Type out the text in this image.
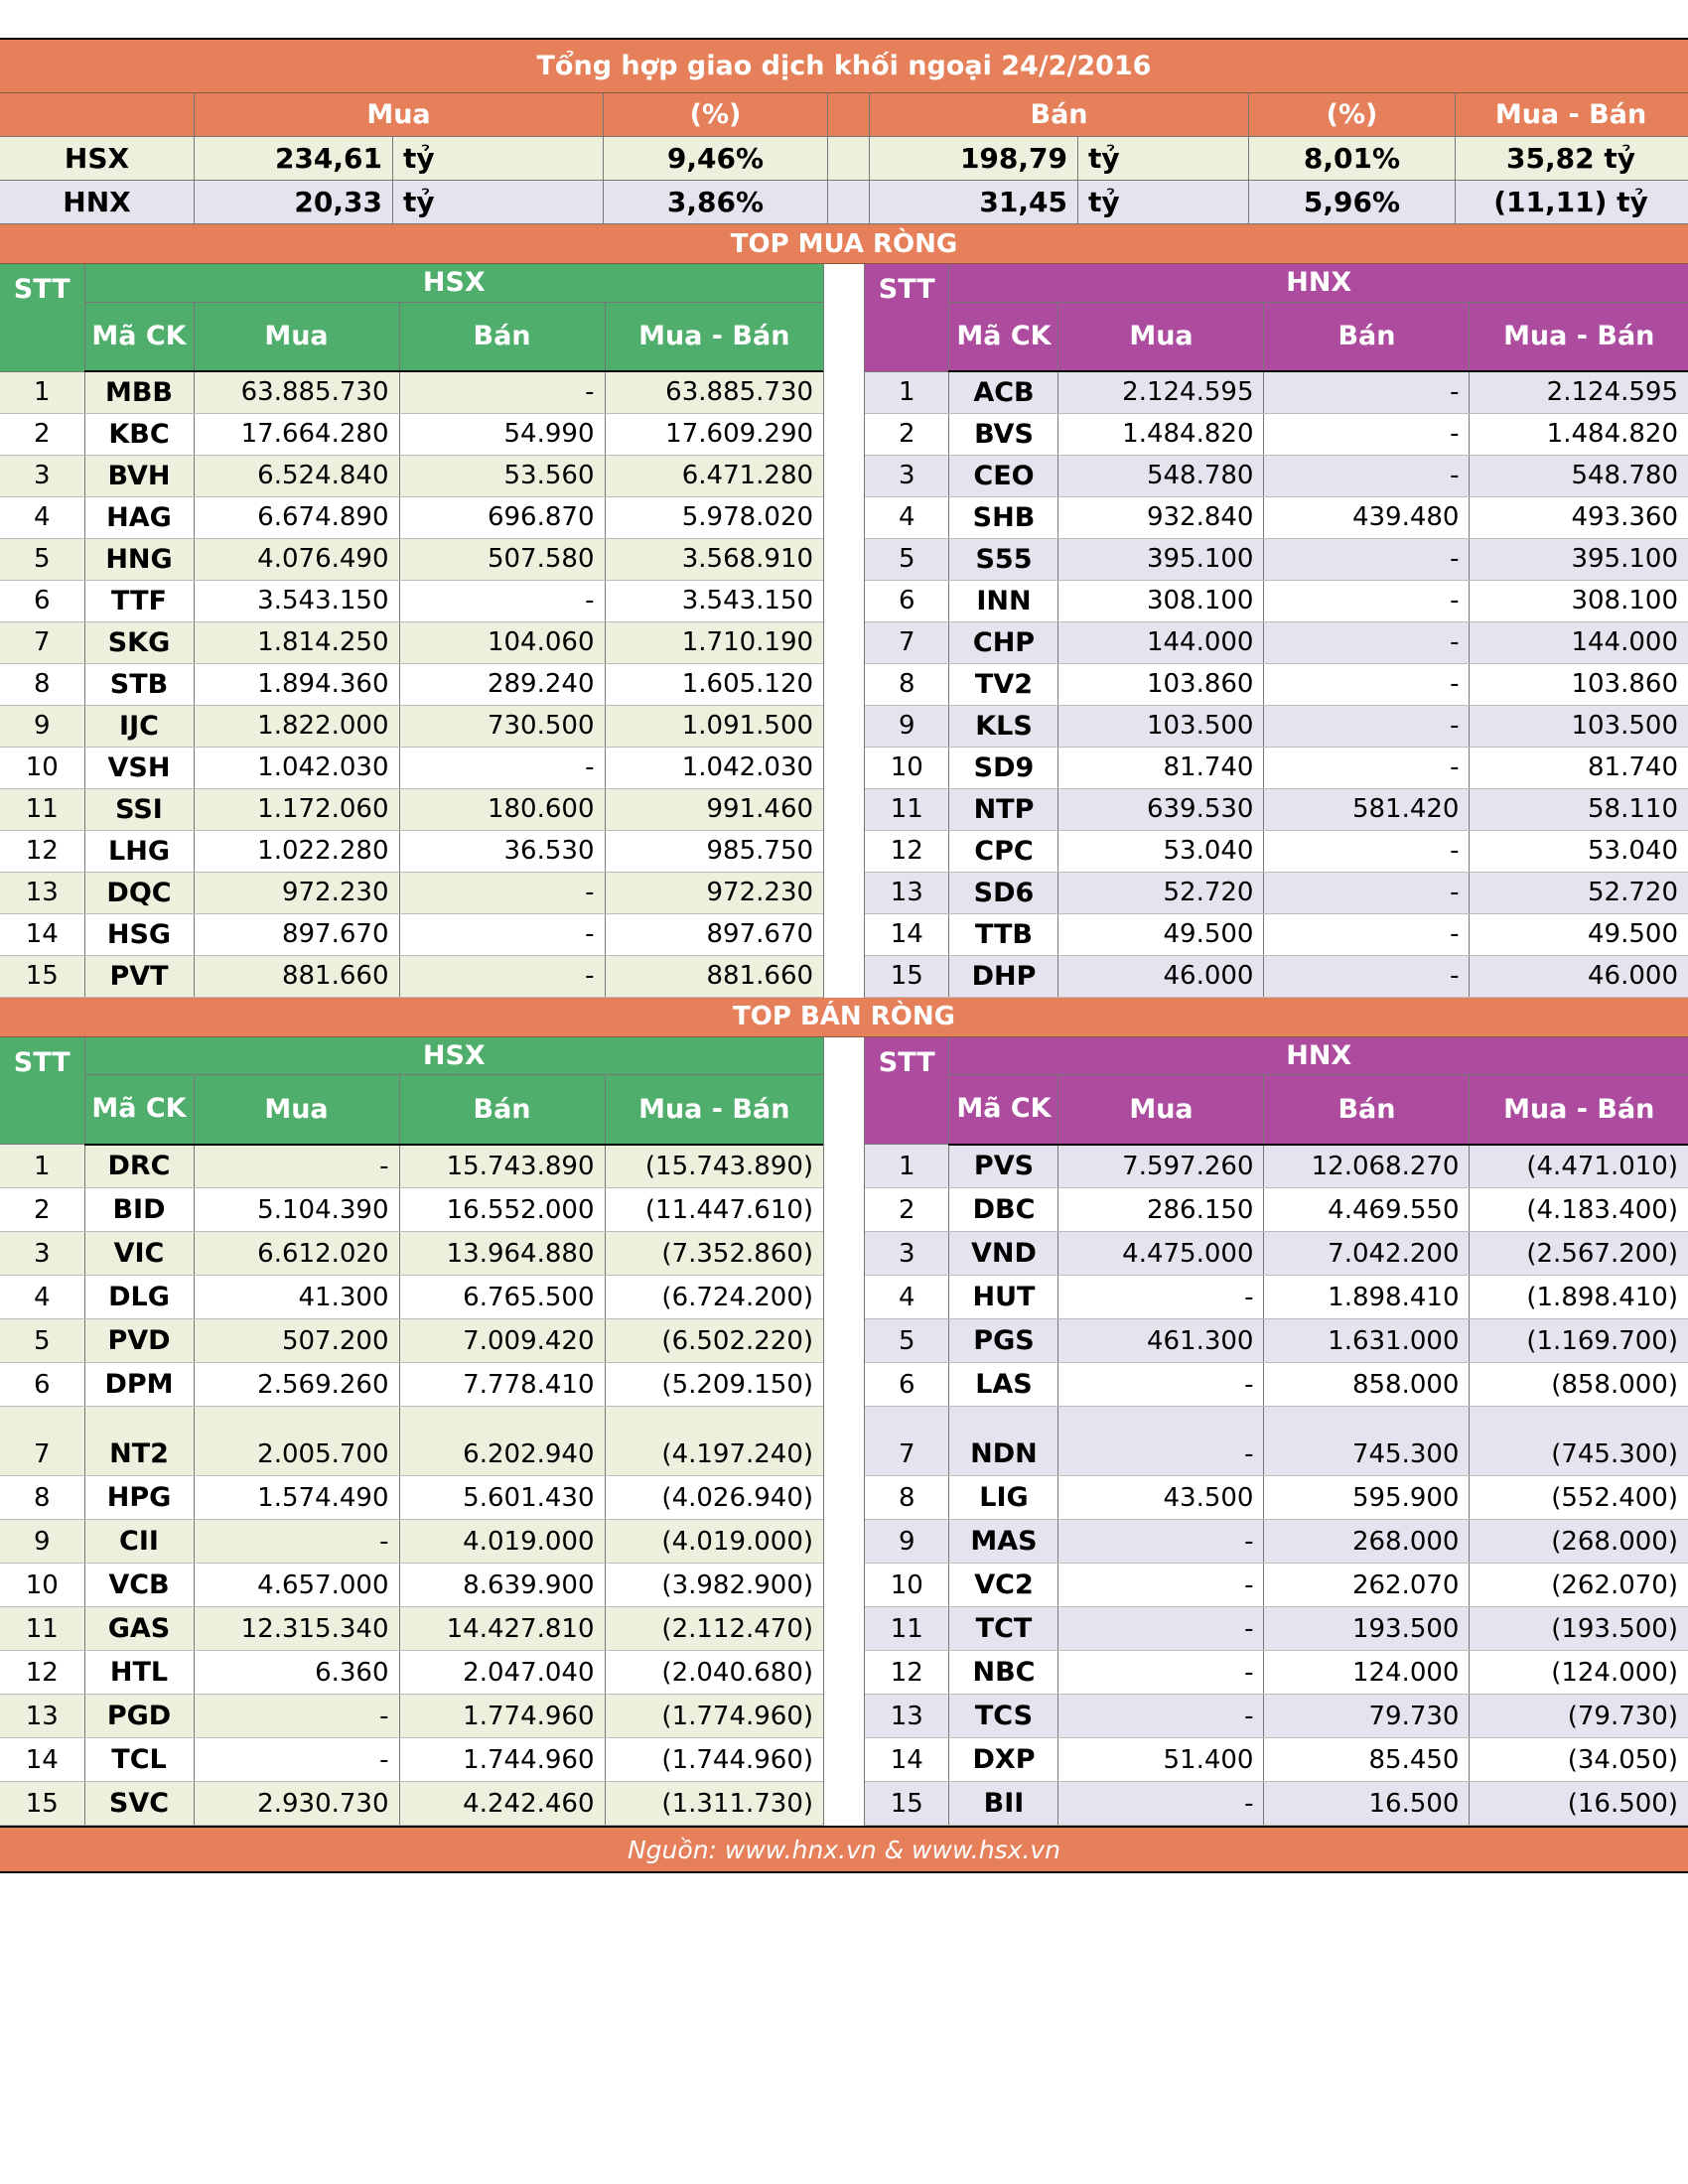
Tổng hợp giao dịch khối ngoại 24/2/2016
Mua	(%)	Bán	(%)	Mua - Bán
HSX	234,61 tỷ	9,46%	198,79 tỷ	8,01%	35,82 tỷ
HNX	20,33 tỷ	3,86%	31,45 tỷ	5,96%	(11,11) tỷ
TOP MUA RÒNG
STT	HSX			
	Mã CK	Mua	Bán	Mua - Bán
1	MBB	63.885.730	-	63.885.730
2	KBC	17.664.280	54.990	17.609.290
3	BVH	6.524.840	53.560	6.471.280
4	HAG	6.674.890	696.870	5.978.020
5	HNG	4.076.490	507.580	3.568.910
6	TTF	3.543.150	-	3.543.150
7	SKG	1.814.250	104.060	1.710.190
8	STB	1.894.360	289.240	1.605.120
9	IJC	1.822.000	730.500	1.091.500
10	VSH	1.042.030	-	1.042.030
11	SSI	1.172.060	180.600	991.460
12	LHG	1.022.280	36.530	985.750
13	DQC	972.230	-	972.230
14	HSG	897.670	-	897.670
15	PVT	881.660	-	881.660
STT	HNX			
	Mã CK	Mua	Bán	Mua - Bán
1	ACB	2.124.595	-	2.124.595
2	BVS	1.484.820	-	1.484.820
3	CEO	548.780	-	548.780
4	SHB	932.840	439.480	493.360
5	S55	395.100	-	395.100
6	INN	308.100	-	308.100
7	CHP	144.000	-	144.000
8	TV2	103.860	-	103.860
9	KLS	103.500	-	103.500
10	SD9	81.740	-	81.740
11	NTP	639.530	581.420	58.110
12	CPC	53.040	-	53.040
13	SD6	52.720	-	52.720
14	TTB	49.500	-	49.500
15	DHP	46.000	-	46.000
TOP BÁN RÒNG
STT	HSX			
	Mã CK	Mua	Bán	Mua - Bán
1	DRC	-	15.743.890	(15.743.890)
2	BID	5.104.390	16.552.000	(11.447.610)
3	VIC	6.612.020	13.964.880	(7.352.860)
4	DLG	41.300	6.765.500	(6.724.200)
5	PVD	507.200	7.009.420	(6.502.220)
6	DPM	2.569.260	7.778.410	(5.209.150)
7	NT2	2.005.700	6.202.940	(4.197.240)
8	HPG	1.574.490	5.601.430	(4.026.940)
9	CII	-	4.019.000	(4.019.000)
10	VCB	4.657.000	8.639.900	(3.982.900)
11	GAS	12.315.340	14.427.810	(2.112.470)
12	HTL	6.360	2.047.040	(2.040.680)
13	PGD	-	1.774.960	(1.774.960)
14	TCL	-	1.744.960	(1.744.960)
15	SVC	2.930.730	4.242.460	(1.311.730)
STT	HNX			
	Mã CK	Mua	Bán	Mua - Bán
1	PVS	7.597.260	12.068.270	(4.471.010)
2	DBC	286.150	4.469.550	(4.183.400)
3	VND	4.475.000	7.042.200	(2.567.200)
4	HUT	-	1.898.410	(1.898.410)
5	PGS	461.300	1.631.000	(1.169.700)
6	LAS	-	858.000	(858.000)
7	NDN	-	745.300	(745.300)
8	LIG	43.500	595.900	(552.400)
9	MAS	-	268.000	(268.000)
10	VC2	-	262.070	(262.070)
11	TCT	-	193.500	(193.500)
12	NBC	-	124.000	(124.000)
13	TCS	-	79.730	(79.730)
14	DXP	51.400	85.450	(34.050)
15	BII	-	16.500	(16.500)
Nguồn: www.hnx.vn & www.hsx.vn
